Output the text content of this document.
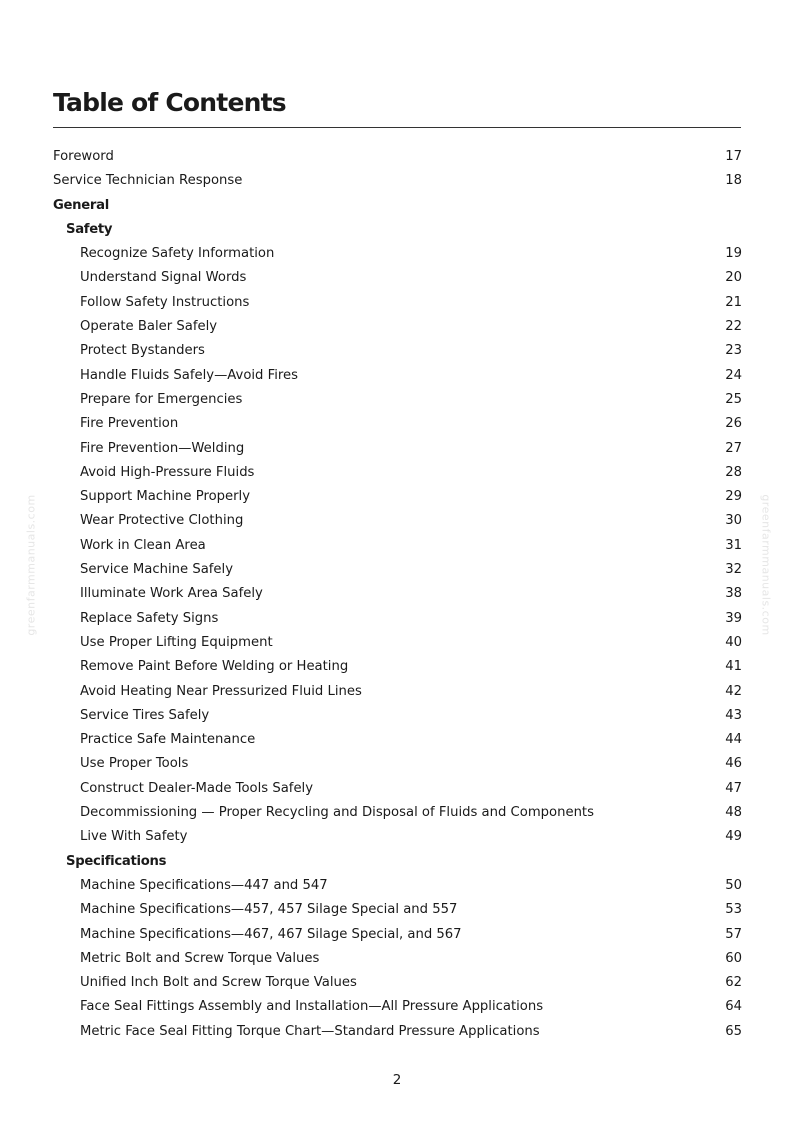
Table of Contents
Foreword	17
Service Technician Response	18
General
Safety
Recognize Safety Information	19
Understand Signal Words	20
Follow Safety Instructions	21
Operate Baler Safely	22
Protect Bystanders	23
Handle Fluids Safely—Avoid Fires	24
Prepare for Emergencies	25
Fire Prevention	26
Fire Prevention—Welding	27
Avoid High-Pressure Fluids	28
Support Machine Properly	29
Wear Protective Clothing	30
Work in Clean Area	31
Service Machine Safely	32
Illuminate Work Area Safely	38
Replace Safety Signs	39
Use Proper Lifting Equipment	40
Remove Paint Before Welding or Heating	41
Avoid Heating Near Pressurized Fluid Lines	42
Service Tires Safely	43
Practice Safe Maintenance	44
Use Proper Tools	46
Construct Dealer-Made Tools Safely	47
Decommissioning — Proper Recycling and Disposal of Fluids and Components	48
Live With Safety	49
Specifications
Machine Specifications—447 and 547	50
Machine Specifications—457, 457 Silage Special and 557	53
Machine Specifications—467, 467 Silage Special, and 567	57
Metric Bolt and Screw Torque Values	60
Unified Inch Bolt and Screw Torque Values	62
Face Seal Fittings Assembly and Installation—All Pressure Applications	64
Metric Face Seal Fitting Torque Chart—Standard Pressure Applications	65
2
greenfarmmanuals.com	greenfarmmanuals.com
